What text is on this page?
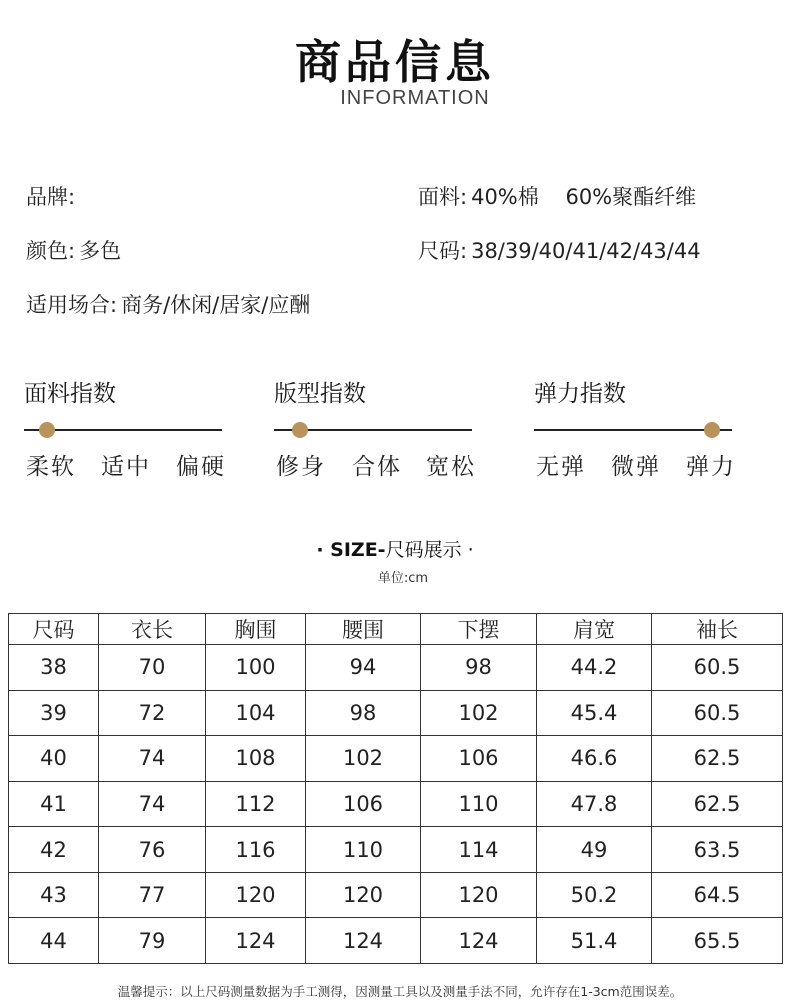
商品信息
INFORMATION
品牌:	面料: 40%棉    60%聚酯纤维
颜色: 多色	尺码: 38/39/40/41/42/43/44
适用场合: 商务/休闲/居家/应酬
面料指数
柔软 适中 偏硬
版型指数
修身 合体 宽松
弹力指数
无弹 微弹 弹力
· SIZE-尺码展示 ·
单位:cm
尺码	衣长	胸围	腰围	下摆	肩宽	袖长
38	70	100	94	98	44.2	60.5
39	72	104	98	102	45.4	60.5
40	74	108	102	106	46.6	62.5
41	74	112	106	110	47.8	62.5
42	76	116	110	114	49	63.5
43	77	120	120	120	50.2	64.5
44	79	124	124	124	51.4	65.5
温馨提示：以上尺码测量数据为手工测得，因测量工具以及测量手法不同，允许存在1-3cm范围误差。
